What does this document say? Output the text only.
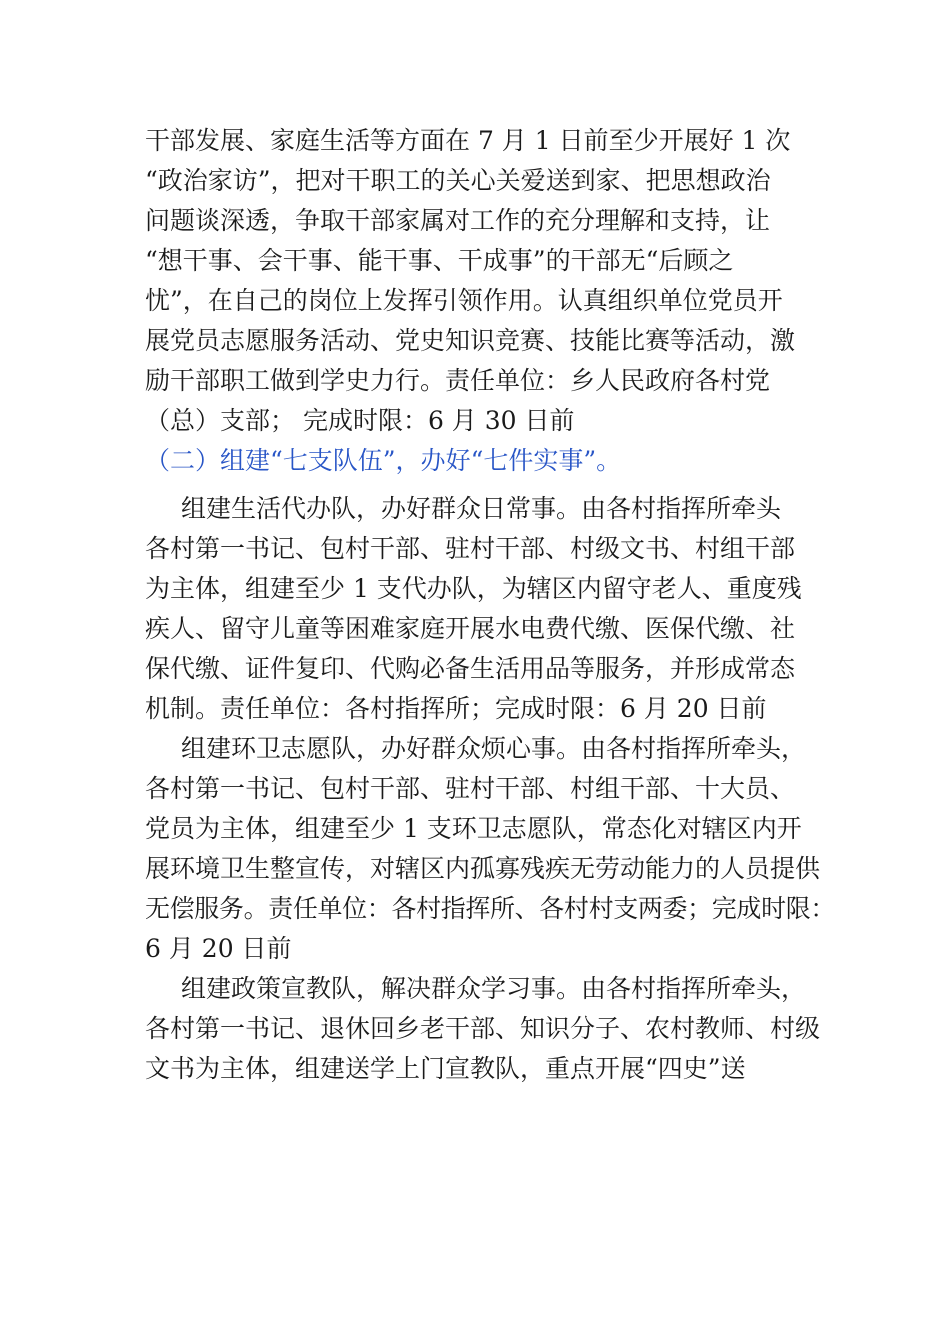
干部发展、家庭生活等方面在 7 月 1 日前至少开展好 1 次
“政治家访”，把对干职工的关心关爱送到家、把思想政治
问题谈深透，争取干部家属对工作的充分理解和支持，让
“想干事、会干事、能干事、干成事”的干部无“后顾之
忧”，在自己的岗位上发挥引领作用。认真组织单位党员开
展党员志愿服务活动、党史知识竞赛、技能比赛等活动，激
励干部职工做到学史力行。责任单位：乡人民政府各村党
（总）支部； 完成时限：6 月 30 日前

（二）组建“七支队伍”，办好“七件实事”。

组建生活代办队，办好群众日常事。由各村指挥所牵头
各村第一书记、包村干部、驻村干部、村级文书、村组干部
为主体，组建至少 1 支代办队，为辖区内留守老人、重度残
疾人、留守儿童等困难家庭开展水电费代缴、医保代缴、社
保代缴、证件复印、代购必备生活用品等服务，并形成常态
机制。责任单位：各村指挥所；完成时限：6 月 20 日前

组建环卫志愿队，办好群众烦心事。由各村指挥所牵头，
各村第一书记、包村干部、驻村干部、村组干部、十大员、
党员为主体，组建至少 1 支环卫志愿队，常态化对辖区内开
展环境卫生整宣传，对辖区内孤寡残疾无劳动能力的人员提供
无偿服务。责任单位：各村指挥所、各村村支两委；完成时限：
6 月 20 日前

组建政策宣教队，解决群众学习事。由各村指挥所牵头，
各村第一书记、退休回乡老干部、知识分子、农村教师、村级
文书为主体，组建送学上门宣教队，重点开展“四史”送
